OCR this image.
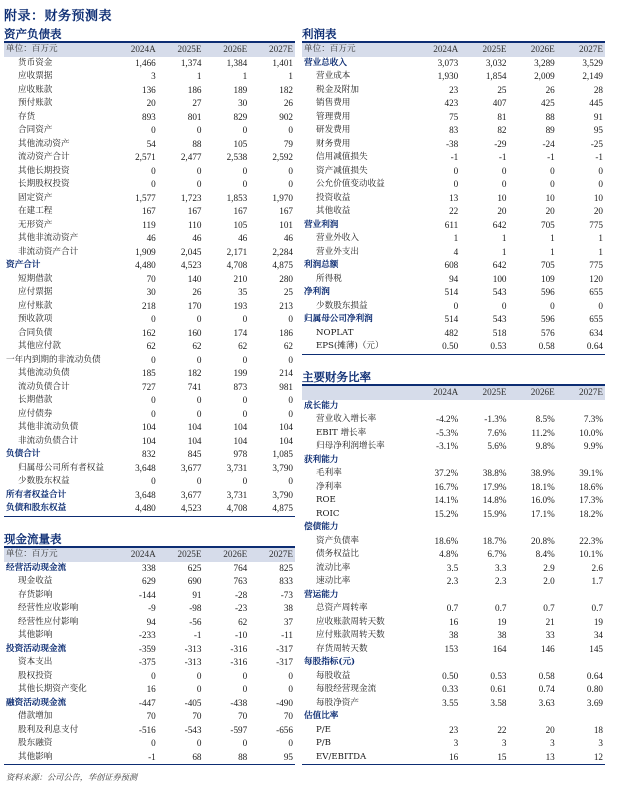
附录：财务预测表
资产负债表
单位：百万元	2024A	2025E	2026E	2027E
货币资金	1,466	1,374	1,384	1,401
应收票据	3	1	1	1
应收账款	136	186	189	182
预付账款	20	27	30	26
存货	893	801	829	902
合同资产	0	0	0	0
其他流动资产	54	88	105	79
流动资产合计	2,571	2,477	2,538	2,592
其他长期投资	0	0	0	0
长期股权投资	0	0	0	0
固定资产	1,577	1,723	1,853	1,970
在建工程	167	167	167	167
无形资产	119	110	105	101
其他非流动资产	46	46	46	46
非流动资产合计	1,909	2,045	2,171	2,284
资产合计	4,480	4,523	4,708	4,875
短期借款	70	140	210	280
应付票据	30	26	35	25
应付账款	218	170	193	213
预收款项	0	0	0	0
合同负债	162	160	174	186
其他应付款	62	62	62	62
一年内到期的非流动负债	0	0	0	0
其他流动负债	185	182	199	214
流动负债合计	727	741	873	981
长期借款	0	0	0	0
应付债券	0	0	0	0
其他非流动负债	104	104	104	104
非流动负债合计	104	104	104	104
负债合计	832	845	978	1,085
归属母公司所有者权益	3,648	3,677	3,731	3,790
少数股东权益	0	0	0	0
所有者权益合计	3,648	3,677	3,731	3,790
负债和股东权益	4,480	4,523	4,708	4,875
现金流量表
单位：百万元	2024A	2025E	2026E	2027E
经营活动现金流	338	625	764	825
现金收益	629	690	763	833
存货影响	-144	91	-28	-73
经营性应收影响	-9	-98	-23	38
经营性应付影响	94	-56	62	37
其他影响	-233	-1	-10	-11
投资活动现金流	-359	-313	-316	-317
资本支出	-375	-313	-316	-317
股权投资	0	0	0	0
其他长期资产变化	16	0	0	0
融资活动现金流	-447	-405	-438	-490
借款增加	70	70	70	70
股利及利息支付	-516	-543	-597	-656
股东融资	0	0	0	0
其他影响	-1	68	88	95
利润表
单位：百万元	2024A	2025E	2026E	2027E
营业总收入	3,073	3,032	3,289	3,529
营业成本	1,930	1,854	2,009	2,149
税金及附加	23	25	26	28
销售费用	423	407	425	445
管理费用	75	81	88	91
研发费用	83	82	89	95
财务费用	-38	-29	-24	-25
信用减值损失	-1	-1	-1	-1
资产减值损失	0	0	0	0
公允价值变动收益	0	0	0	0
投资收益	13	10	10	10
其他收益	22	20	20	20
营业利润	611	642	705	775
营业外收入	1	1	1	1
营业外支出	4	1	1	1
利润总额	608	642	705	775
所得税	94	100	109	120
净利润	514	543	596	655
少数股东损益	0	0	0	0
归属母公司净利润	514	543	596	655
NOPLAT	482	518	576	634
EPS(摊薄)（元）	0.50	0.53	0.58	0.64
主要财务比率
	2024A	2025E	2026E	2027E
成长能力				
营业收入增长率	-4.2%	-1.3%	8.5%	7.3%
EBIT 增长率	-5.3%	7.6%	11.2%	10.0%
归母净利润增长率	-3.1%	5.6%	9.8%	9.9%
获利能力				
毛利率	37.2%	38.8%	38.9%	39.1%
净利率	16.7%	17.9%	18.1%	18.6%
ROE	14.1%	14.8%	16.0%	17.3%
ROIC	15.2%	15.9%	17.1%	18.2%
偿债能力				
资产负债率	18.6%	18.7%	20.8%	22.3%
债务权益比	4.8%	6.7%	8.4%	10.1%
流动比率	3.5	3.3	2.9	2.6
速动比率	2.3	2.3	2.0	1.7
营运能力				
总资产周转率	0.7	0.7	0.7	0.7
应收账款周转天数	16	19	21	19
应付账款周转天数	38	38	33	34
存货周转天数	153	164	146	145
每股指标(元)				
每股收益	0.50	0.53	0.58	0.64
每股经营现金流	0.33	0.61	0.74	0.80
每股净资产	3.55	3.58	3.63	3.69
估值比率				
P/E	23	22	20	18
P/B	3	3	3	3
EV/EBITDA	16	15	13	12
资料来源：公司公告，华创证券预测
